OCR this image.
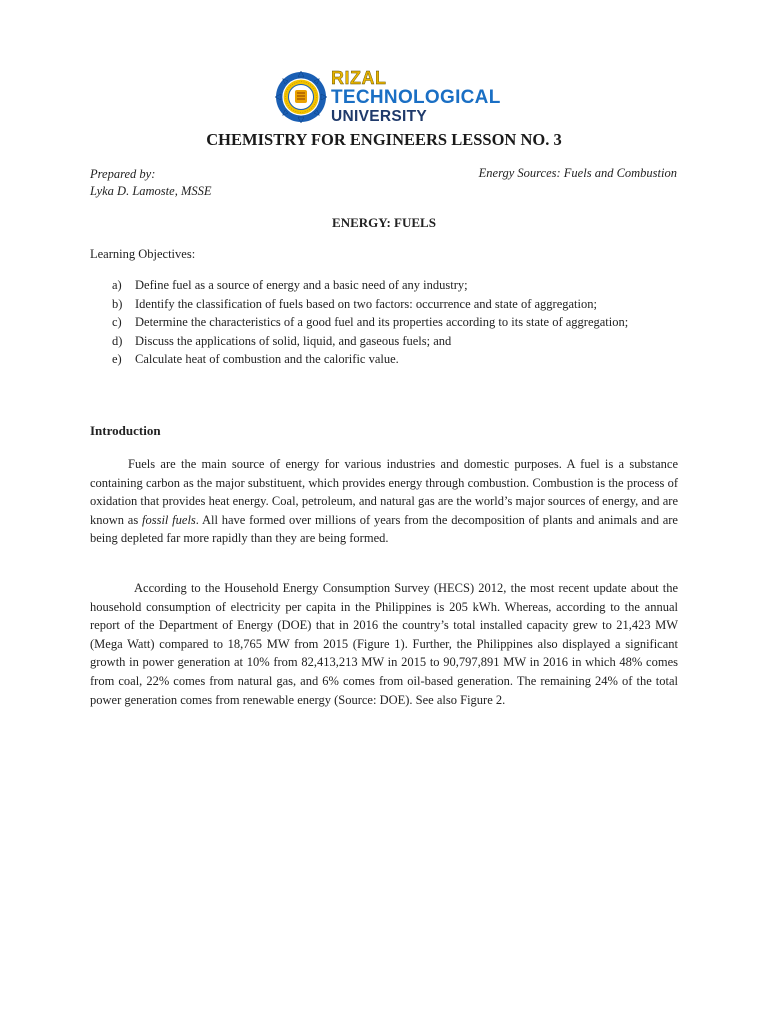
RIZAL
TECHNOLOGICAL
UNIVERSITY
CHEMISTRY FOR ENGINEERS LESSON NO. 3
Prepared by:
Lyka D. Lamoste, MSSE
Energy Sources: Fuels and Combustion
ENERGY: FUELS
Learning Objectives:
a)	Define fuel as a source of energy and a basic need of any industry;
b)	Identify the classification of fuels based on two factors: occurrence and state of aggregation;
c)	Determine the characteristics of a good fuel and its properties according to its state of aggregation;
d)	Discuss the applications of solid, liquid, and gaseous fuels; and
e)	Calculate heat of combustion and the calorific value.
Introduction

Fuels are the main source of energy for various industries and domestic purposes. A fuel is a substance containing carbon as the major substituent, which provides energy through combustion. Combustion is the process of oxidation that provides heat energy. Coal, petroleum, and natural gas are the world’s major sources of energy, and are known as fossil fuels. All have formed over millions of years from the decomposition of plants and animals and are being depleted far more rapidly than they are being formed.

According to the Household Energy Consumption Survey (HECS) 2012, the most recent update about the household consumption of electricity per capita in the Philippines is 205 kWh. Whereas, according to the annual report of the Department of Energy (DOE) that in 2016 the country’s total installed capacity grew to 21,423 MW (Mega Watt) compared to 18,765 MW from 2015 (Figure 1). Further, the Philippines also displayed a significant growth in power generation at 10% from 82,413,213 MW in 2015 to 90,797,891 MW in 2016 in which 48% comes from coal, 22% comes from natural gas, and 6% comes from oil-based generation. The remaining 24% of the total power generation comes from renewable energy (Source: DOE). See also Figure 2.
